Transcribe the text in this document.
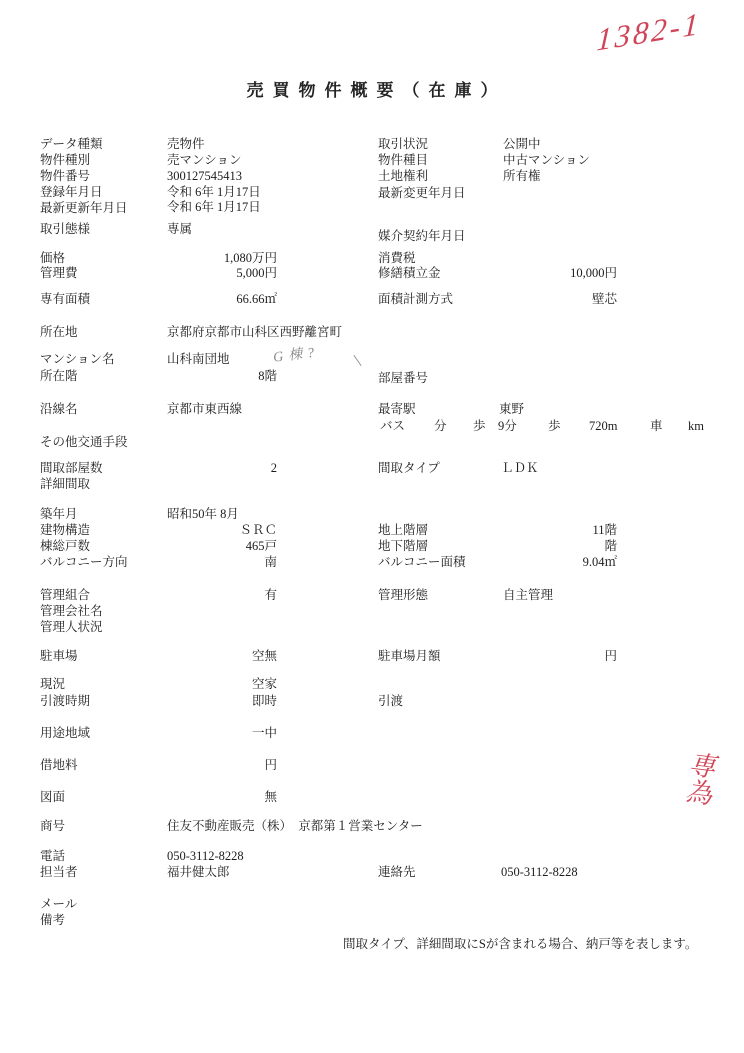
1382-1
売買物件概要（在庫）
データ種類	売物件	取引状況	公開中
物件種別	売マンション	物件種目	中古マンション
物件番号	300127545413	土地権利	所有権
登録年月日	令和 6年 1月17日	最新変更年月日
最新更新年月日	令和 6年 1月17日
取引態様	専属	媒介契約年月日
価格	1,080万円	消費税
管理費	5,000円	修繕積立金	10,000円
専有面積	66.66㎡	面積計測方式	壁芯
所在地	京都府京都市山科区西野離宮町
マンション名	山科南団地	G棟?
所在階	8階	部屋番号
沿線名	京都市東西線	最寄駅	東野
バス 分 歩 9分 歩 720m	車 km
その他交通手段
間取部屋数	2	間取タイプ	ＬＤＫ
詳細間取
築年月	昭和50年 8月
建物構造	ＳＲＣ	地上階層	11階
棟総戸数	465戸	地下階層	階
バルコニー方向	南	バルコニー面積	9.04㎡
管理組合	有	管理形態	自主管理
管理会社名
管理人状況
駐車場	空無	駐車場月額	円
現況	空家
引渡時期	即時	引渡
用途地域	一中
借地料	円
図面	無	専為
商号	住友不動産販売（株）　京都第１営業センター
電話	050-3112-8228
担当者	福井健太郎	連絡先	050-3112-8228
メール
備考
間取タイプ、詳細間取にSが含まれる場合、納戸等を表します。
